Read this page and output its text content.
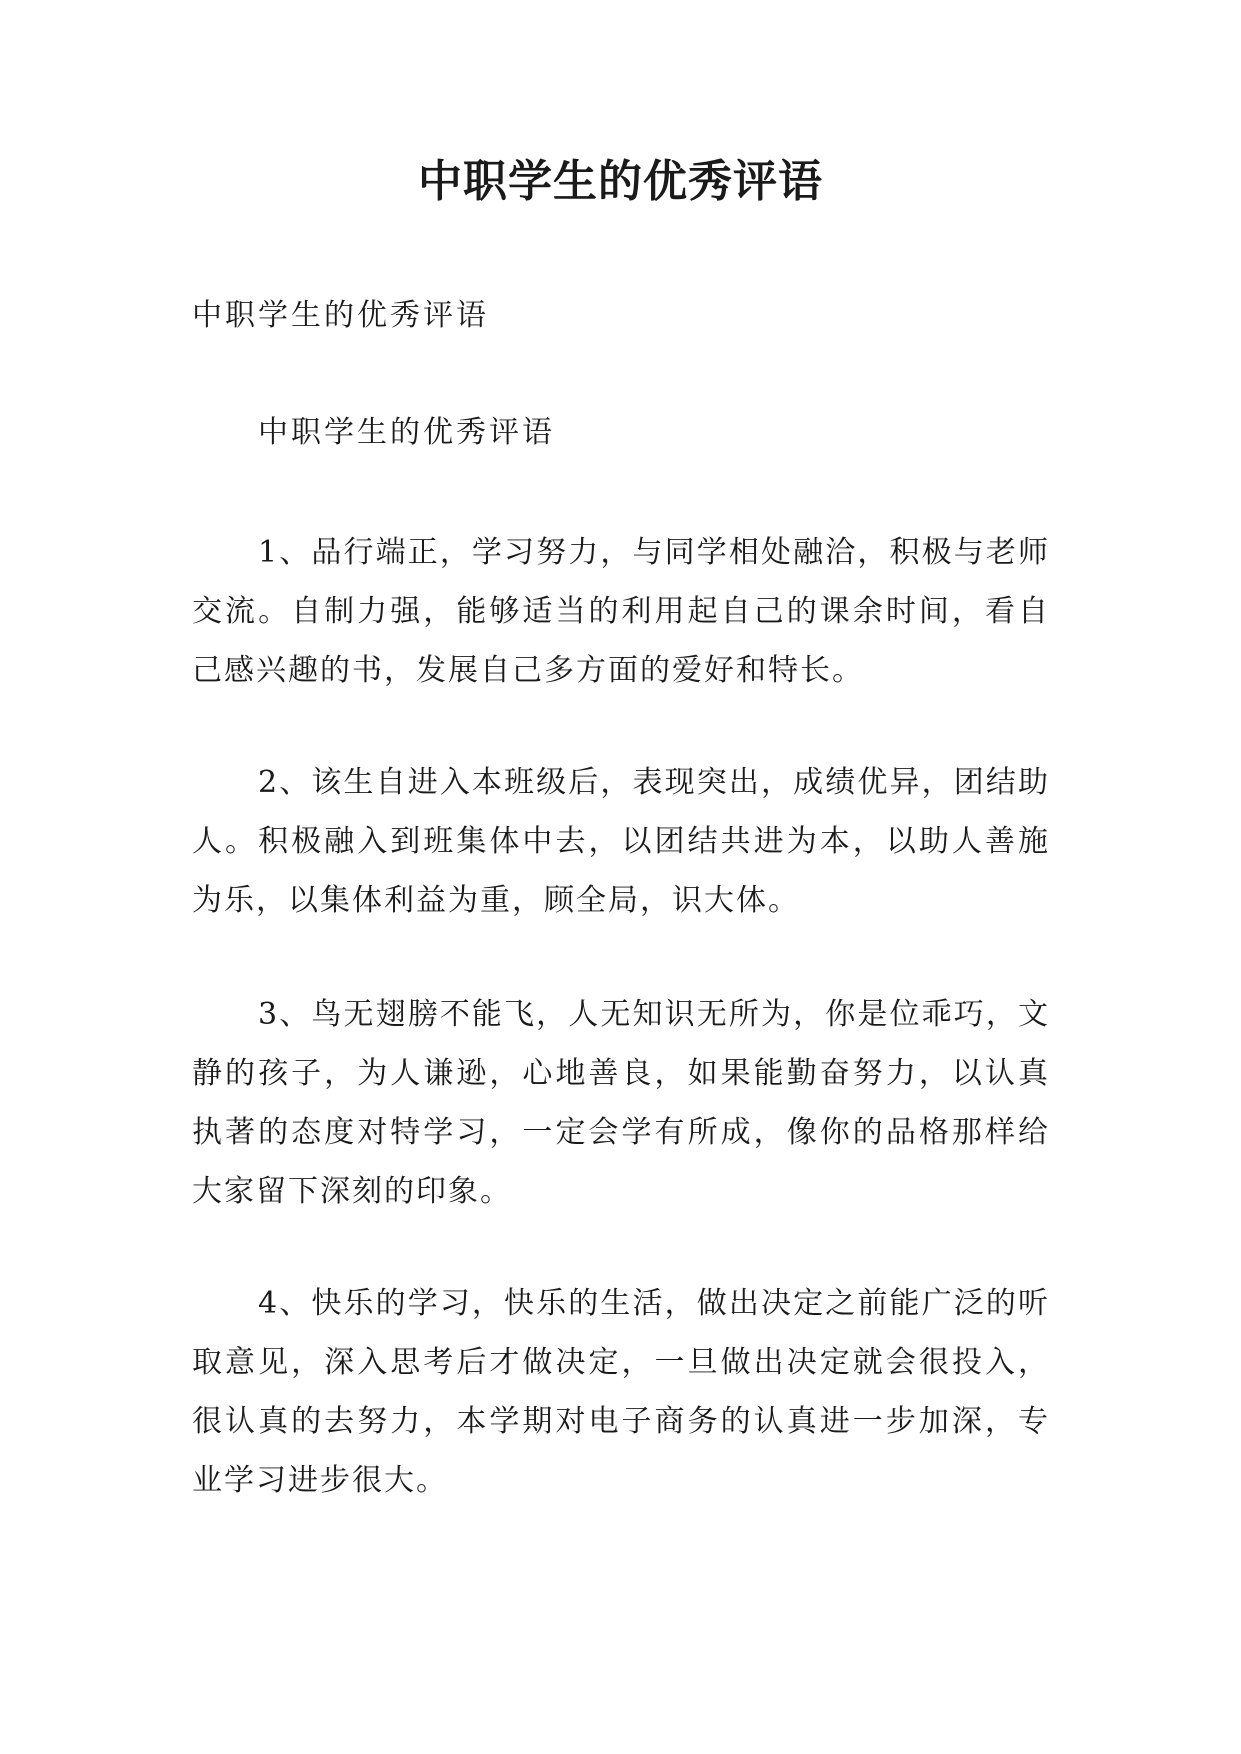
中职学生的优秀评语
中职学生的优秀评语
中职学生的优秀评语

1、品行端正，学习努力，与同学相处融洽，积极与老师交流。自制力强，能够适当的利用起自己的课余时间，看自己感兴趣的书，发展自己多方面的爱好和特长。

2、该生自进入本班级后，表现突出，成绩优异，团结助人。积极融入到班集体中去，以团结共进为本，以助人善施为乐，以集体利益为重，顾全局，识大体。

3、鸟无翅膀不能飞，人无知识无所为，你是位乖巧，文静的孩子，为人谦逊，心地善良，如果能勤奋努力，以认真执著的态度对特学习，一定会学有所成，像你的品格那样给大家留下深刻的印象。

4、快乐的学习，快乐的生活，做出决定之前能广泛的听取意见，深入思考后才做决定，一旦做出决定就会很投入，很认真的去努力，本学期对电子商务的认真进一步加深，专业学习进步很大。
